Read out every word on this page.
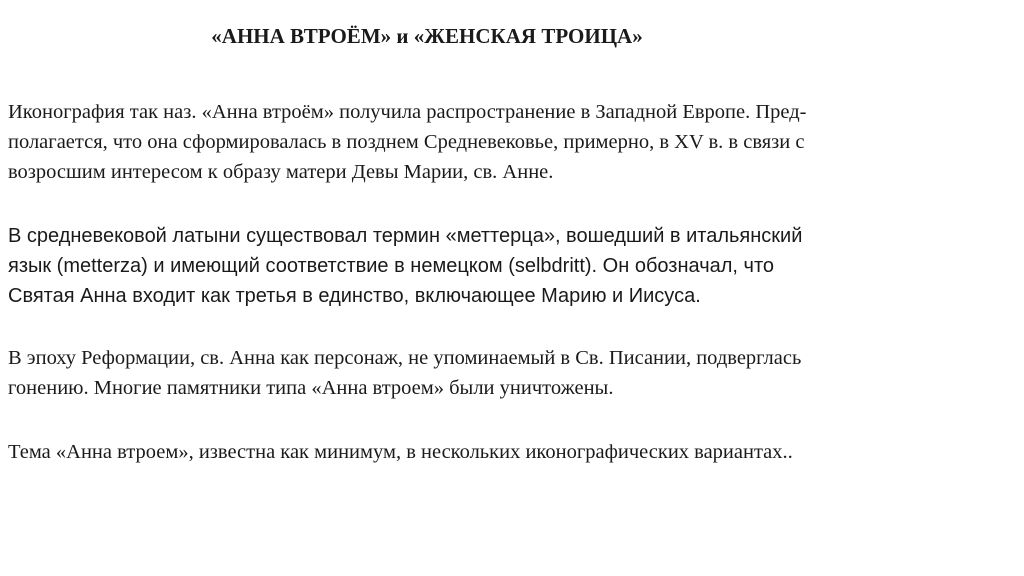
«АННА ВТРОЁМ» и «ЖЕНСКАЯ ТРОИЦА»

Иконография так наз. «Анна втроём» получила распространение в Западной Европе. Пред-
полагается, что она сформировалась в позднем Средневековье, примерно, в XV в. в связи с
возросшим интересом к образу матери Девы Марии, св. Анне.

В средневековой латыни существовал термин «меттерца», вошедший в итальянский
язык (metterza) и имеющий соответствие в немецком (selbdritt). Он обозначал, что
Святая Анна входит как третья в единство, включающее Марию и Иисуса.

В эпоху Реформации, св. Анна как персонаж, не упоминаемый в Св. Писании, подверглась
гонению. Многие памятники типа «Анна втроем» были уничтожены.

Тема «Анна втроем», известна как минимум, в нескольких иконографических вариантах..
